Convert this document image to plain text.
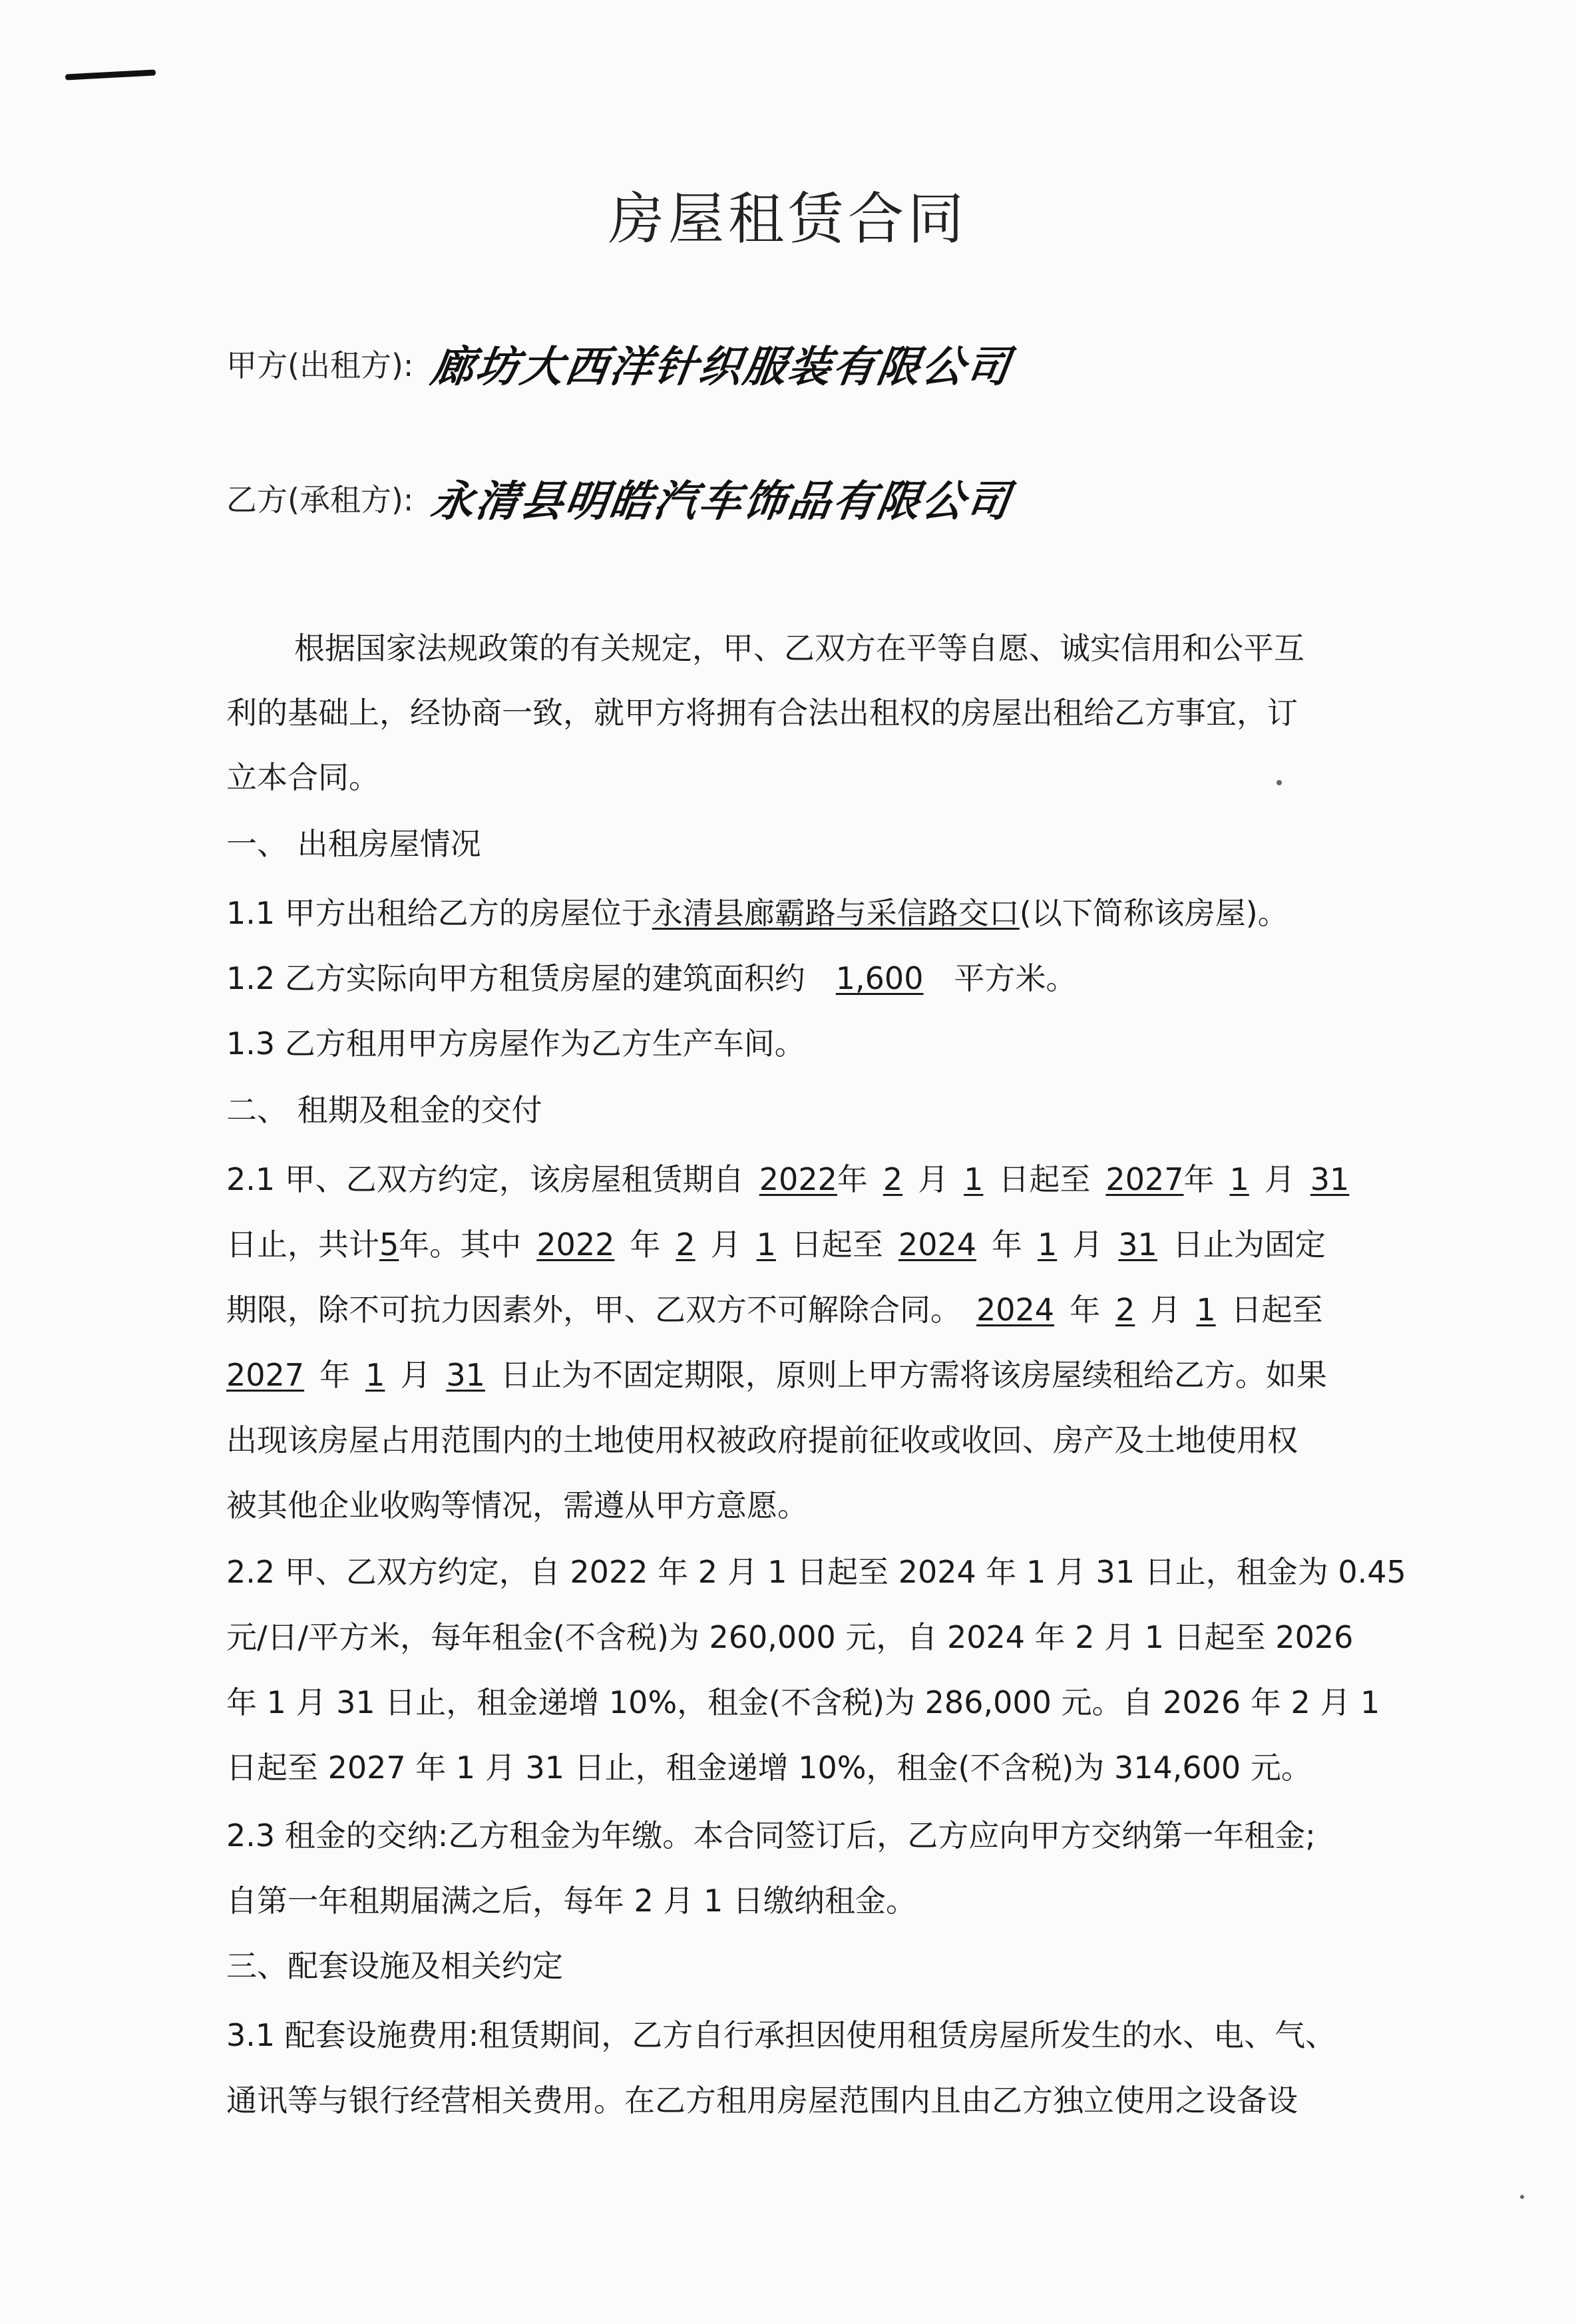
房屋租赁合同
甲方(出租方): 廊坊大西洋针织服装有限公司
乙方(承租方): 永清县明皓汽车饰品有限公司
根据国家法规政策的有关规定，甲、乙双方在平等自愿、诚实信用和公平互
利的基础上，经协商一致，就甲方将拥有合法出租权的房屋出租给乙方事宜，订
立本合同。
一、 出租房屋情况
1.1 甲方出租给乙方的房屋位于永清县廊霸路与采信路交口(以下简称该房屋)。
1.2 乙方实际向甲方租赁房屋的建筑面积约  1,600  平方米。
1.3 乙方租用甲方房屋作为乙方生产车间。
二、 租期及租金的交付
2.1 甲、乙双方约定，该房屋租赁期自  2022年  2  月  1  日起至  2027年  1  月  31
日止，共计5年。其中  2022  年  2  月  1  日起至  2024  年  1  月  31  日止为固定
期限，除不可抗力因素外，甲、乙双方不可解除合同。  2024  年  2  月  1  日起至
2027  年  1  月  31  日止为不固定期限，原则上甲方需将该房屋续租给乙方。如果
出现该房屋占用范围内的土地使用权被政府提前征收或收回、房产及土地使用权
被其他企业收购等情况，需遵从甲方意愿。
2.2 甲、乙双方约定，自 2022 年 2 月 1 日起至 2024 年 1 月 31 日止，租金为 0.45
元/日/平方米，每年租金(不含税)为 260,000 元，自 2024 年 2 月 1 日起至 2026
年 1 月 31 日止，租金递增 10%，租金(不含税)为 286,000 元。自 2026 年 2 月 1
日起至 2027 年 1 月 31 日止，租金递增 10%，租金(不含税)为 314,600 元。
2.3 租金的交纳:乙方租金为年缴。本合同签订后，乙方应向甲方交纳第一年租金;
自第一年租期届满之后，每年 2 月 1 日缴纳租金。
三、配套设施及相关约定
3.1 配套设施费用:租赁期间，乙方自行承担因使用租赁房屋所发生的水、电、气、
通讯等与银行经营相关费用。在乙方租用房屋范围内且由乙方独立使用之设备设
